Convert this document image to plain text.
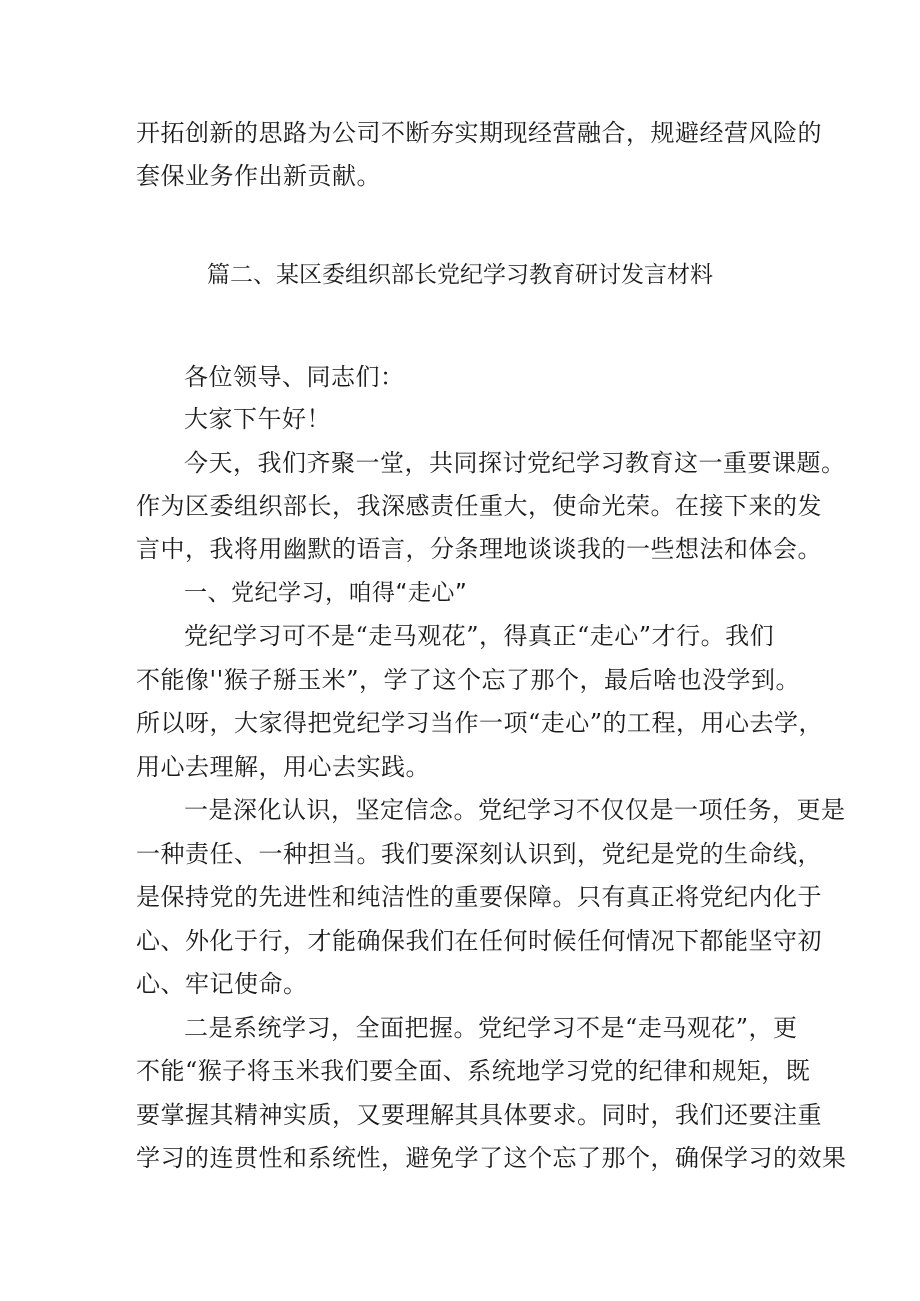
开拓创新的思路为公司不断夯实期现经营融合，规避经营风险的
套保业务作出新贡献。
篇二、某区委组织部长党纪学习教育研讨发言材料
各位领导、同志们：
大家下午好！
今天，我们齐聚一堂，共同探讨党纪学习教育这一重要课题。
作为区委组织部长，我深感责任重大，使命光荣。在接下来的发
言中，我将用幽默的语言，分条理地谈谈我的一些想法和体会。
一、党纪学习，咱得“走心”
党纪学习可不是“走马观花”，得真正“走心”才行。我们
不能像''猴子掰玉米”，学了这个忘了那个，最后啥也没学到。
所以呀，大家得把党纪学习当作一项“走心”的工程，用心去学，
用心去理解，用心去实践。
一是深化认识，坚定信念。党纪学习不仅仅是一项任务，更是
一种责任、一种担当。我们要深刻认识到，党纪是党的生命线，
是保持党的先进性和纯洁性的重要保障。只有真正将党纪内化于
心、外化于行，才能确保我们在任何时候任何情况下都能坚守初
心、牢记使命。
二是系统学习，全面把握。党纪学习不是“走马观花”，更
不能“猴子将玉米我们要全面、系统地学习党的纪律和规矩，既
要掌握其精神实质，又要理解其具体要求。同时，我们还要注重
学习的连贯性和系统性，避免学了这个忘了那个，确保学习的效果
